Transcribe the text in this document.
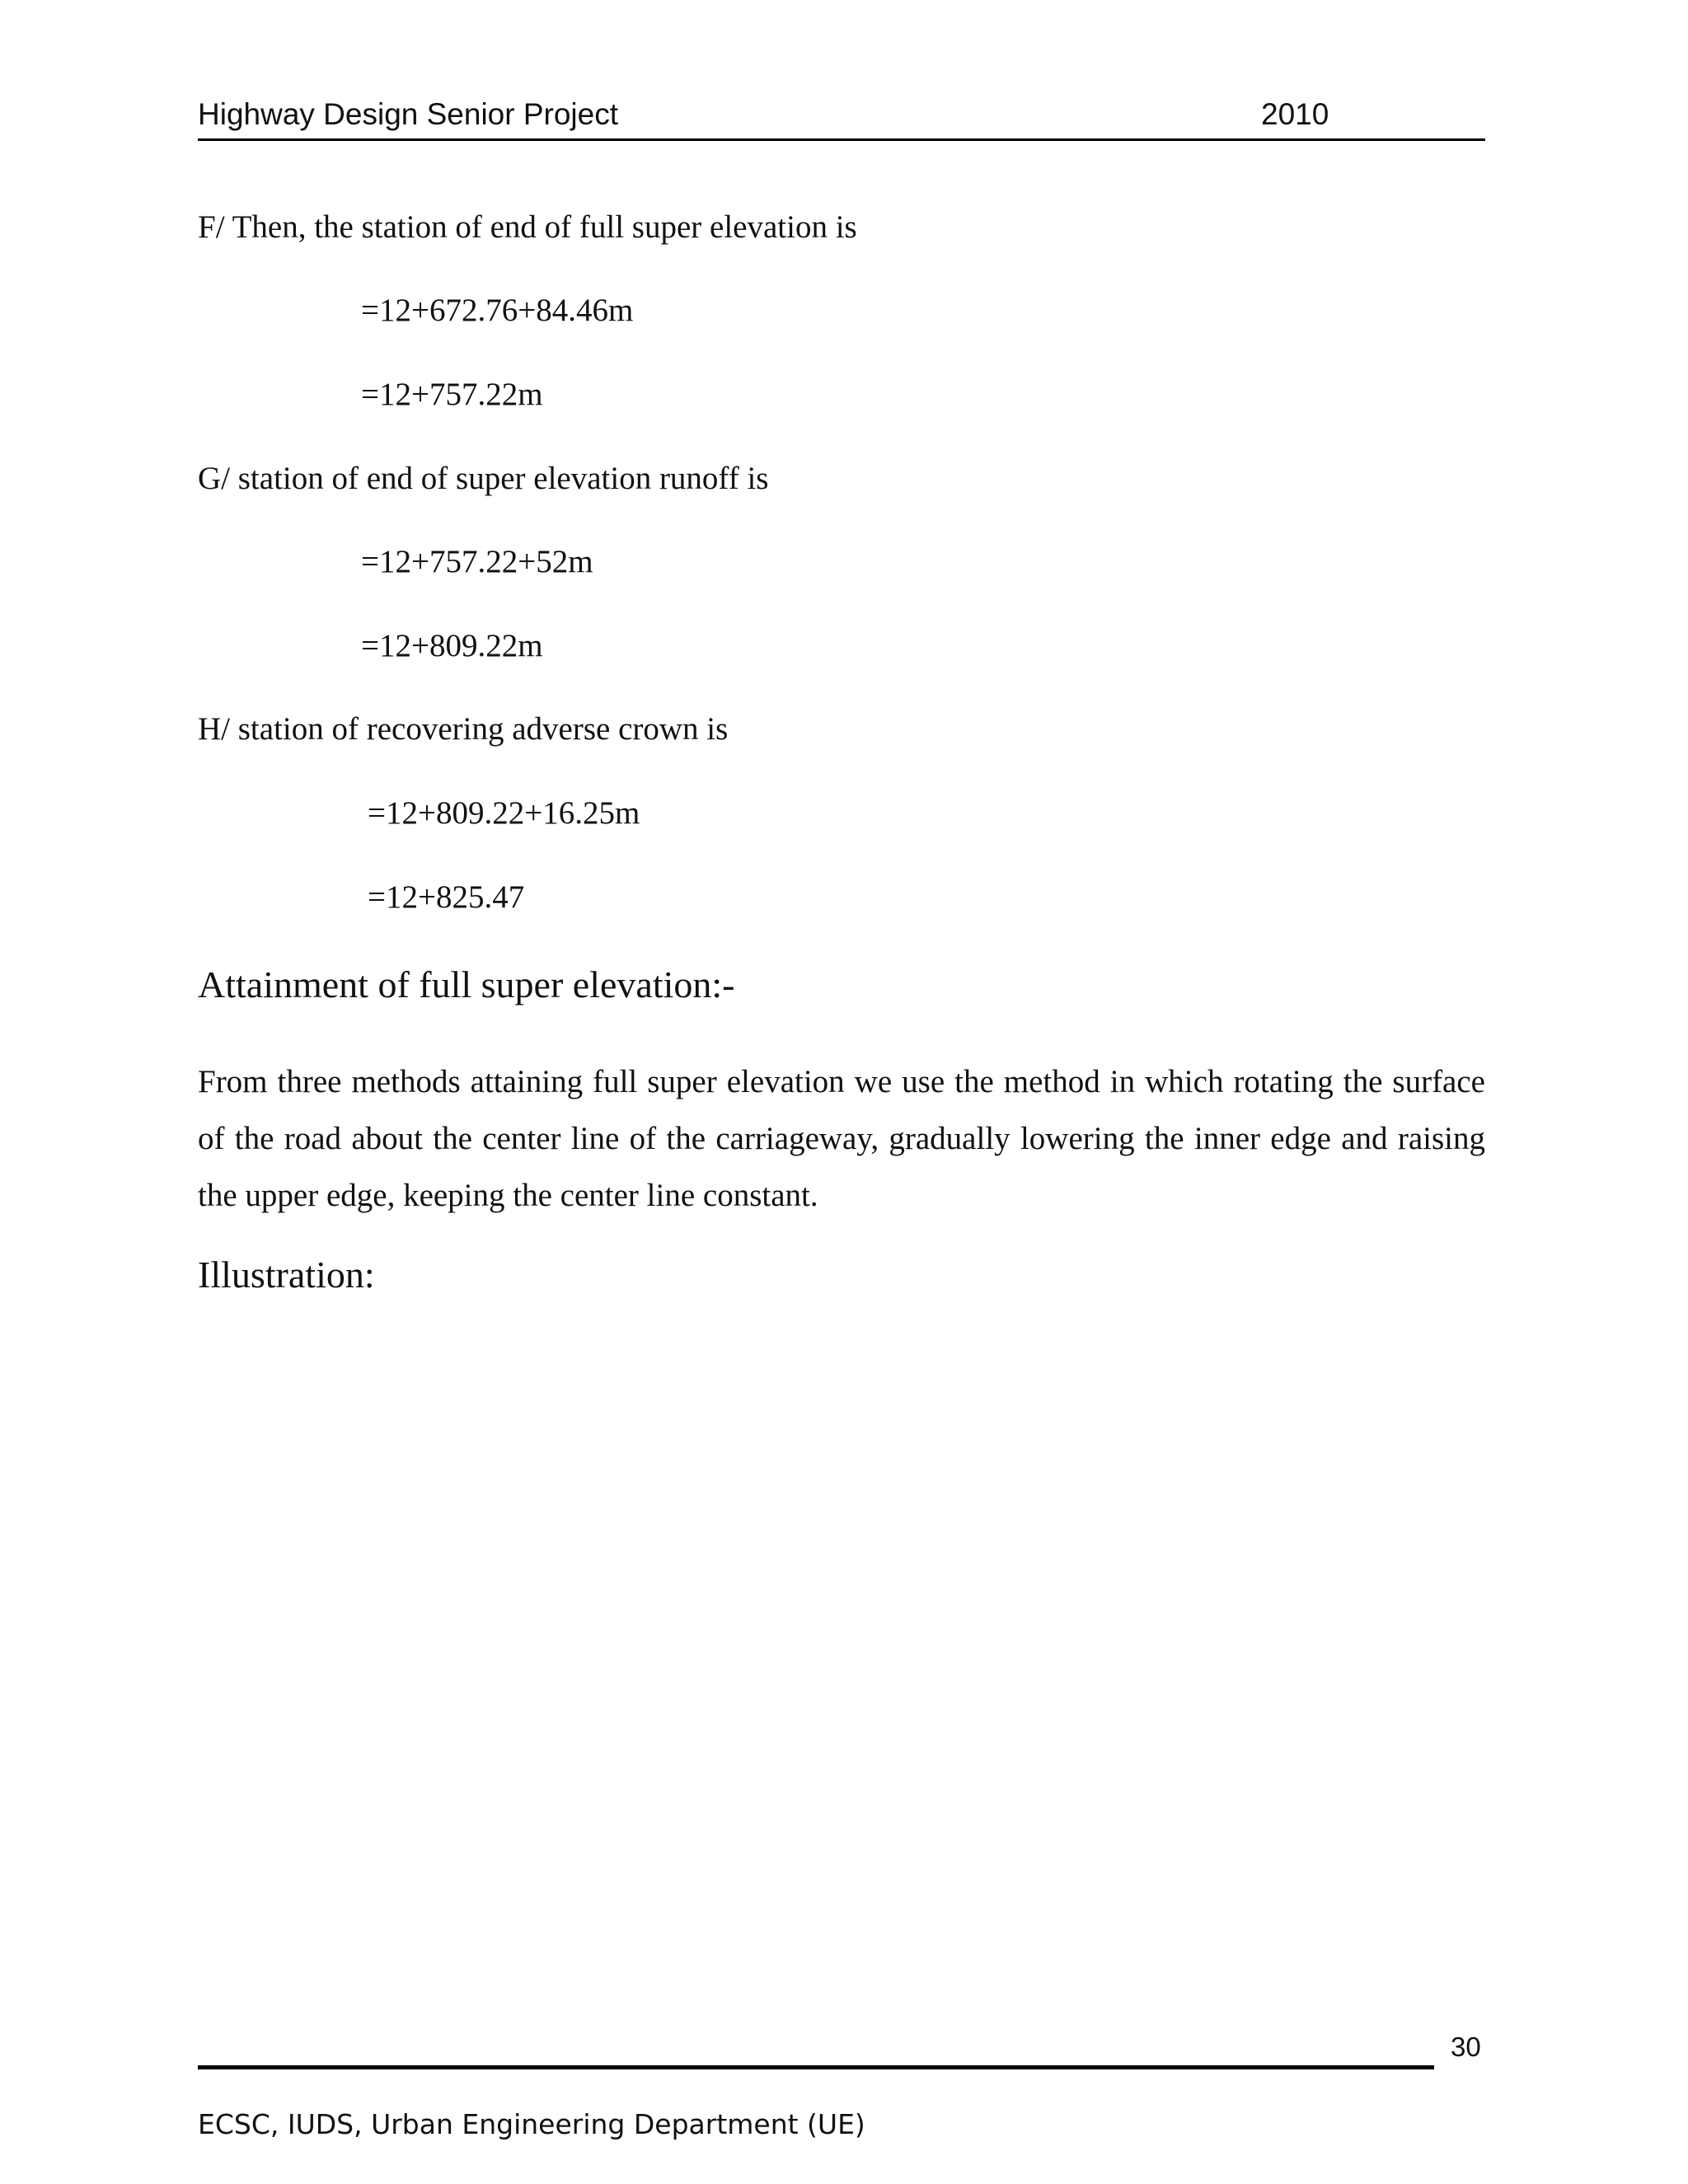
Highway Design Senior Project	2010
F/ Then, the station of end of full super elevation is
=12+672.76+84.46m
=12+757.22m
G/ station of end of super elevation runoff is
=12+757.22+52m
=12+809.22m
H/ station of recovering adverse crown is
=12+809.22+16.25m
=12+825.47
Attainment of full super elevation:-
From three methods attaining full super elevation we use the method in which rotating the surface of the road about the center line of the carriageway, gradually lowering the inner edge and raising the upper edge, keeping the center line constant.
Illustration:
30
ECSC, IUDS, Urban Engineering Department (UE)
